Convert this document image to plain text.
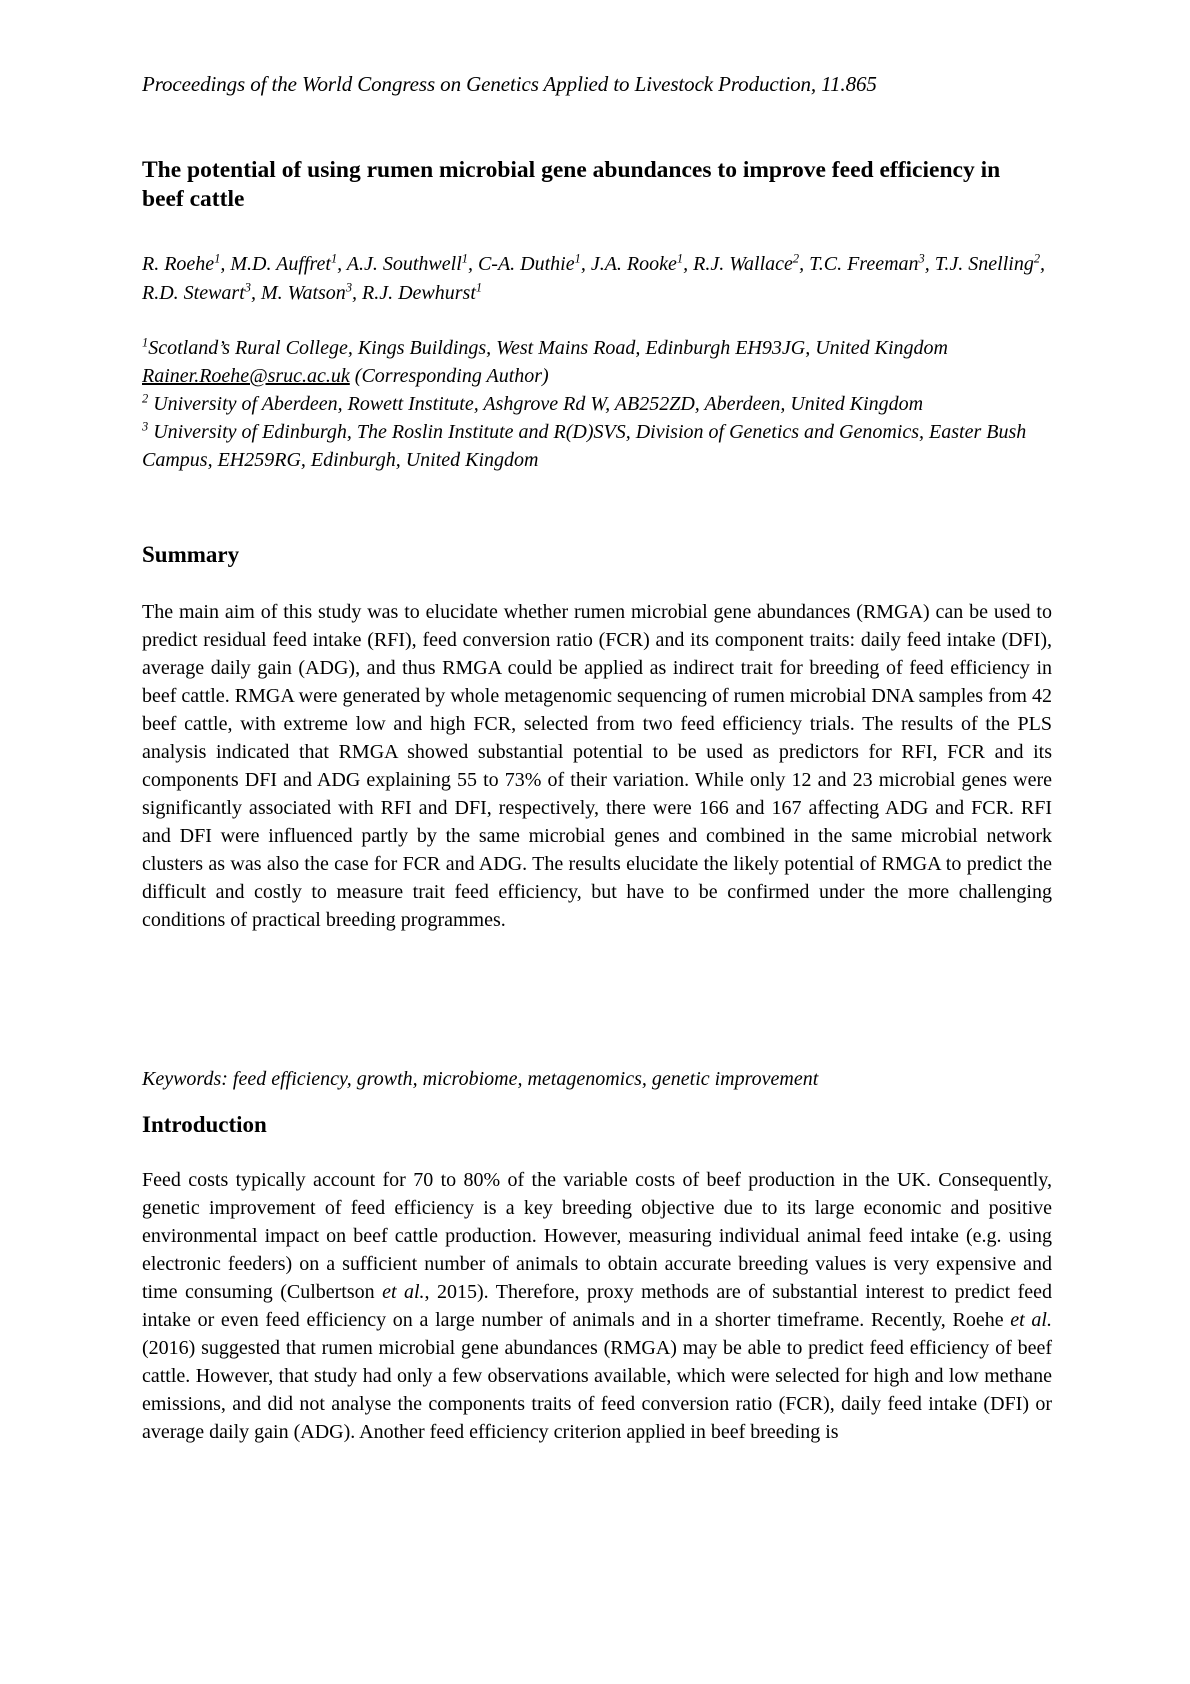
Proceedings of the World Congress on Genetics Applied to Livestock Production, 11.865
The potential of using rumen microbial gene abundances to improve feed efficiency in beef cattle
R. Roehe$^1$, M.D. Auffret$^1$, A.J. Southwell$^1$, C-A. Duthie$^1$, J.A. Rooke$^1$, R.J. Wallace$^2$, T.C. Freeman$^3$, T.J. Snelling$^2$, R.D. Stewart$^3$, M. Watson$^3$, R.J. Dewhurst$^1$
$^1$Scotland’s Rural College, Kings Buildings, West Mains Road, Edinburgh EH93JG, United Kingdom
Rainer.Roehe@sruc.ac.uk (Corresponding Author)
$^2$ University of Aberdeen, Rowett Institute, Ashgrove Rd W, AB252ZD, Aberdeen, United Kingdom
$^3$ University of Edinburgh, The Roslin Institute and R(D)SVS, Division of Genetics and Genomics, Easter Bush Campus, EH259RG, Edinburgh, United Kingdom
Summary
The main aim of this study was to elucidate whether rumen microbial gene abundances (RMGA) can be used to predict residual feed intake (RFI), feed conversion ratio (FCR) and its component traits: daily feed intake (DFI), average daily gain (ADG), and thus RMGA could be applied as indirect trait for breeding of feed efficiency in beef cattle. RMGA were generated by whole metagenomic sequencing of rumen microbial DNA samples from 42 beef cattle, with extreme low and high FCR, selected from two feed efficiency trials. The results of the PLS analysis indicated that RMGA showed substantial potential to be used as predictors for RFI, FCR and its components DFI and ADG explaining 55 to 73% of their variation. While only 12 and 23 microbial genes were significantly associated with RFI and DFI, respectively, there were 166 and 167 affecting ADG and FCR. RFI and DFI were influenced partly by the same microbial genes and combined in the same microbial network clusters as was also the case for FCR and ADG. The results elucidate the likely potential of RMGA to predict the difficult and costly to measure trait feed efficiency, but have to be confirmed under the more challenging conditions of practical breeding programmes.
Keywords: feed efficiency, growth, microbiome, metagenomics, genetic improvement
Introduction
Feed costs typically account for 70 to 80% of the variable costs of beef production in the UK. Consequently, genetic improvement of feed efficiency is a key breeding objective due to its large economic and positive environmental impact on beef cattle production. However, measuring individual animal feed intake (e.g. using electronic feeders) on a sufficient number of animals to obtain accurate breeding values is very expensive and time consuming (Culbertson et al., 2015). Therefore, proxy methods are of substantial interest to predict feed intake or even feed efficiency on a large number of animals and in a shorter timeframe. Recently, Roehe et al. (2016) suggested that rumen microbial gene abundances (RMGA) may be able to predict feed efficiency of beef cattle. However, that study had only a few observations available, which were selected for high and low methane emissions, and did not analyse the components traits of feed conversion ratio (FCR), daily feed intake (DFI) or average daily gain (ADG). Another feed efficiency criterion applied in beef breeding is
